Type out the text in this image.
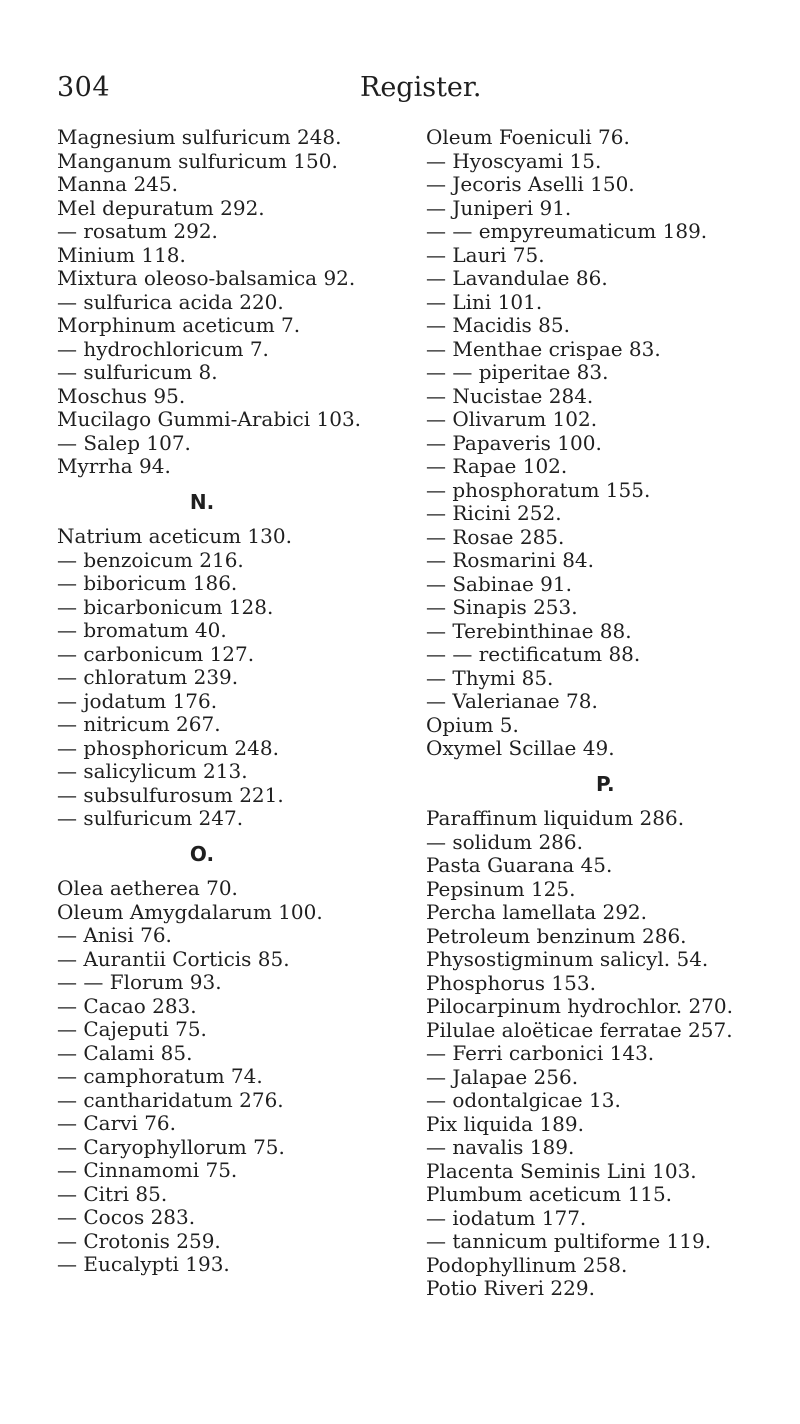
304	Register.
Magnesium sulfuricum 248.
Manganum sulfuricum 150.
Manna 245.
Mel depuratum 292.
— rosatum 292.
Minium 118.
Mixtura oleoso-balsamica 92.
— sulfurica acida 220.
Morphinum aceticum 7.
— hydrochloricum 7.
— sulfuricum 8.
Moschus 95.
Mucilago Gummi-Arabici 103.
— Salep 107.
Myrrha 94.
N.
Natrium aceticum 130.
— benzoicum 216.
— biboricum 186.
— bicarbonicum 128.
— bromatum 40.
— carbonicum 127.
— chloratum 239.
— jodatum 176.
— nitricum 267.
— phosphoricum 248.
— salicylicum 213.
— subsulfurosum 221.
— sulfuricum 247.
O.
Olea aetherea 70.
Oleum Amygdalarum 100.
— Anisi 76.
— Aurantii Corticis 85.
— — Florum 93.
— Cacao 283.
— Cajeputi 75.
— Calami 85.
— camphoratum 74.
— cantharidatum 276.
— Carvi 76.
— Caryophyllorum 75.
— Cinnamomi 75.
— Citri 85.
— Cocos 283.
— Crotonis 259.
— Eucalypti 193.
Oleum Foeniculi 76.
— Hyoscyami 15.
— Jecoris Aselli 150.
— Juniperi 91.
— — empyreumaticum 189.
— Lauri 75.
— Lavandulae 86.
— Lini 101.
— Macidis 85.
— Menthae crispae 83.
— — piperitae 83.
— Nucistae 284.
— Olivarum 102.
— Papaveris 100.
— Rapae 102.
— phosphoratum 155.
— Ricini 252.
— Rosae 285.
— Rosmarini 84.
— Sabinae 91.
— Sinapis 253.
— Terebinthinae 88.
— — rectificatum 88.
— Thymi 85.
— Valerianae 78.
Opium 5.
Oxymel Scillae 49.
P.
Paraffinum liquidum 286.
— solidum 286.
Pasta Guarana 45.
Pepsinum 125.
Percha lamellata 292.
Petroleum benzinum 286.
Physostigminum salicyl. 54.
Phosphorus 153.
Pilocarpinum hydrochlor. 270.
Pilulae aloëticae ferratae 257.
— Ferri carbonici 143.
— Jalapae 256.
— odontalgicae 13.
Pix liquida 189.
— navalis 189.
Placenta Seminis Lini 103.
Plumbum aceticum 115.
— iodatum 177.
— tannicum pultiforme 119.
Podophyllinum 258.
Potio Riveri 229.
